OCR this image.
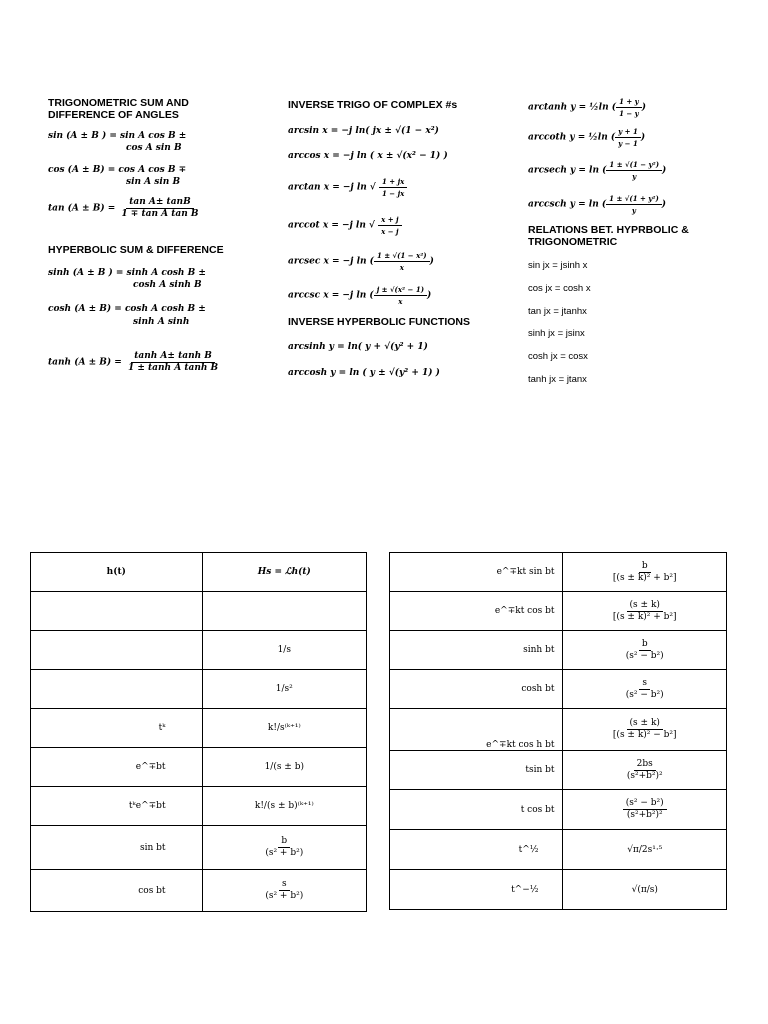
TRIGONOMETRIC SUM AND
DIFFERENCE OF ANGLES
sin (A ± B ) = sin A cos B ±
cos A sin B
cos (A ± B) = cos A cos B ∓
sin A sin B
$\tan (A \pm B) = \frac{\text{tan A± tanB}}{\text{1 ∓ tan A tan B}}$
HYPERBOLIC SUM & DIFFERENCE
sinh (A ± B ) = sinh A cosh B ±
cosh A sinh B
cosh (A ± B) = cosh A cosh B ±
sinh A sinh
$\tanh (A \pm B) = \frac{\text{tanh A± tanh B}}{\text{1 ± tanh A tanh B}}$
INVERSE TRIGO OF COMPLEX #s
arcsin x = −j ln( jx ± √(1 − x²)
arccos x = −j ln ( x ± √(x² − 1) )
arctan x = −j ln √ $\frac{1 + jx}{1 - jx}$
arccot x = −j ln √ $\frac{x + j}{x - j}$
arcsec x = −j ln ( $\frac{\text{1 ± √(1 − x²)}}{x}$ )
arccsc x = −j ln ( $\frac{\text{j ± √(x² − 1)}}{x}$ )
INVERSE HYPERBOLIC FUNCTIONS
arcsinh y = ln( y + √(y² + 1)
arccosh y = ln ( y ± √(y² + 1) )
arctanh y = ½ln ( $\frac{1 + y}{1 - y}$ )
arccoth y = ½ln ( $\frac{y + 1}{y - 1}$ )
arcsech y = ln ( $\frac{\text{1 ± √(1 − y²)}}{y}$ )
arccsch y = ln ( $\frac{\text{1 ± √(1 + y²)}}{y}$ )
RELATIONS BET. HYPRBOLIC &
TRIGONOMETRIC
sin jx = jsinh x
cos jx = cosh x
tan jx = jtanhx
sinh jx = jsinx
cosh jx = cosx
tanh jx = jtanx
h(t)	Hs = ℒh(t)

	1/s
	1/s²
tᵏ	k!/s⁽ᵏ⁺¹⁾
e^∓bt	1/(s ± b)
tᵏe^∓bt	k!/(s ± b)⁽ᵏ⁺¹⁾
sin bt	$\frac{b}{\text{(s² + b²)}}$

cos bt	$\frac{s}{\text{(s² + b²)}}$
e^∓kt sin bt	$\frac{b}{\text{[(s ± k)² + b²]}}$

e^∓kt cos bt	$\frac{(s \pm k)}{\text{[(s ± k)² + b²]}}$

sinh bt	$\frac{b}{\text{(s² − b²)}}$

cosh bt	$\frac{s}{\text{(s² − b²)}}$

e^∓kt cos h bt	$\frac{(s \pm k)}{\text{[(s ± k)² − b²]}}$

tsin bt	$\frac{2bs}{\text{(s²+b²)²}}$

t cos bt	$\frac{\text{(s² − b²)}}{\text{(s²+b²)²}}$

t^½	√π/2s¹·⁵
t^−½	√(π/s)
